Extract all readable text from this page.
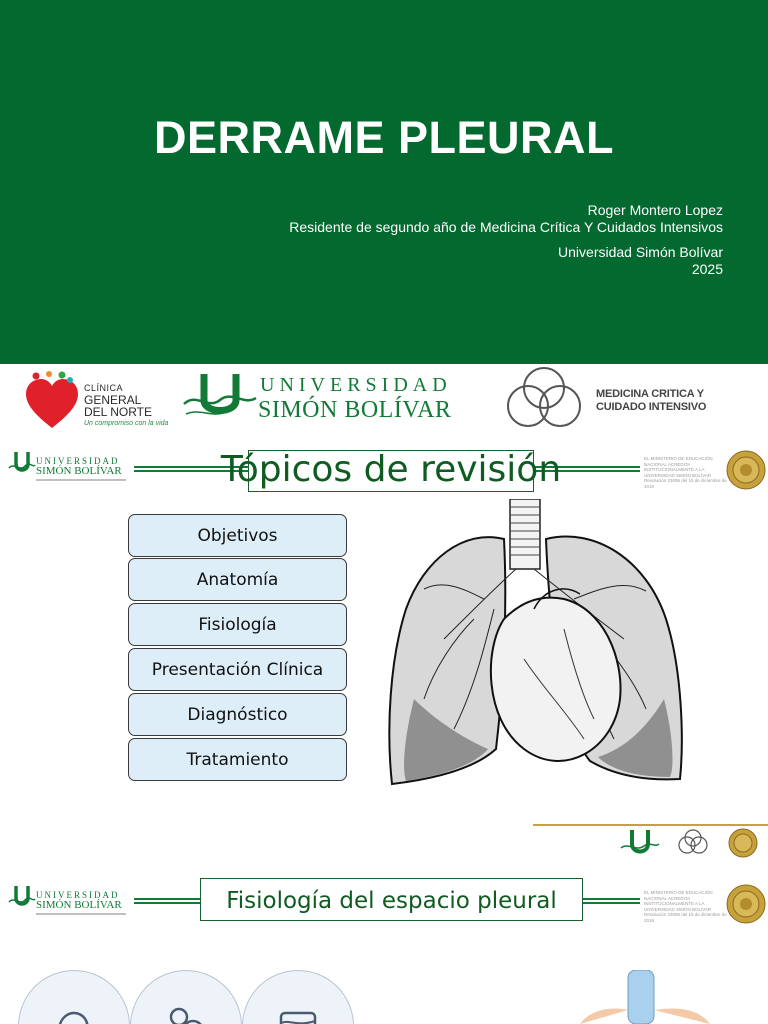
DERRAME PLEURAL
Roger Montero Lopez
Residente de segundo año de Medicina Crítica Y Cuidados Intensivos
Universidad Simón Bolívar
2025
CLÍNICA
GENERAL
DEL NORTE
Un compromiso con la vida
UNIVERSIDAD
SIMÓN BOLÍVAR
MEDICINA CRITICA Y
CUIDADO INTENSIVO
UNIVERSIDAD
SIMÓN BOLÍVAR	Tópicos de revisión	EL MINISTERIO DE EDUCACIÓN NACIONAL ACREDITA INSTITUCIONALMENTE A LA UNIVERSIDAD SIMÓN BOLÍVAR
Resolución 23095 del 15 de diciembre de 2016
Objetivos
Anatomía
Fisiología
Presentación Clínica
Diagnóstico
Tratamiento
UNIVERSIDAD
SIMÓN BOLÍVAR	Fisiología del espacio pleural	EL MINISTERIO DE EDUCACIÓN NACIONAL ACREDITA INSTITUCIONALMENTE A LA UNIVERSIDAD SIMÓN BOLÍVAR
Resolución 23095 del 15 de diciembre de 2016
